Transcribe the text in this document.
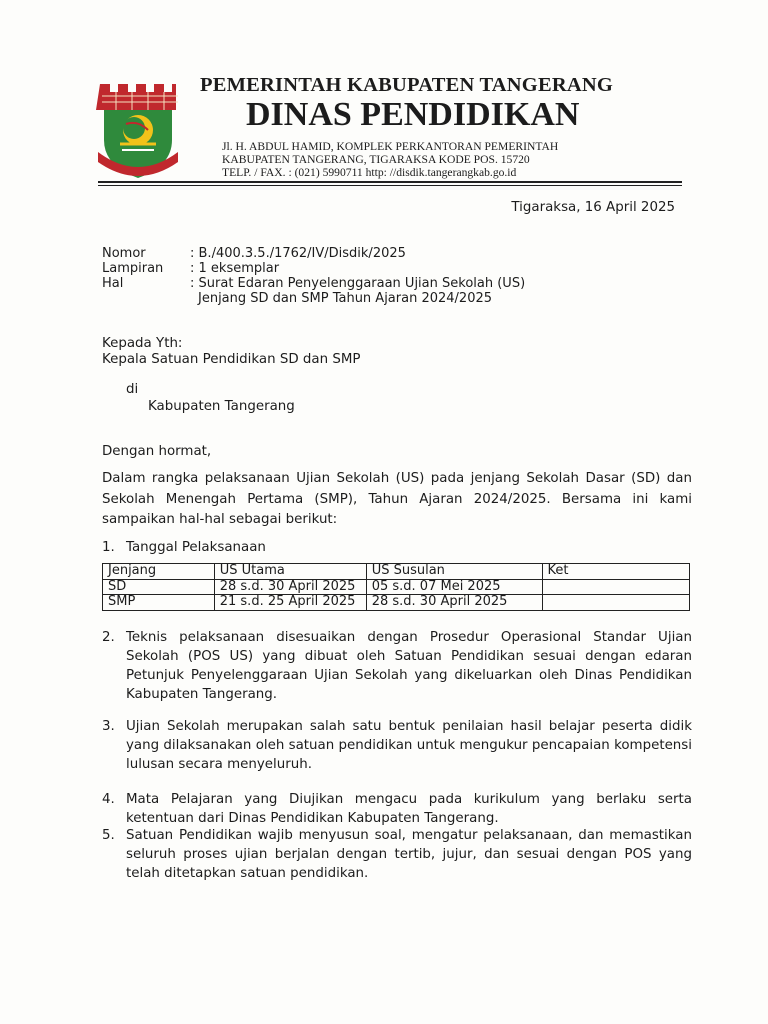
PEMERINTAH KABUPATEN TANGERANG
DINAS PENDIDIKAN
Jl. H. ABDUL HAMID, KOMPLEK PERKANTORAN PEMERINTAH
KABUPATEN TANGERANG, TIGARAKSA KODE POS. 15720
TELP. / FAX. : (021) 5990711 http: //disdik.tangerangkab.go.id
Tigaraksa, 16 April 2025
Nomor	: B./400.3.5./1762/IV/Disdik/2025
Lampiran : 1 eksemplar
Hal	: Surat Edaran Penyelenggaraan Ujian Sekolah (US)
Jenjang SD dan SMP Tahun Ajaran 2024/2025
Kepada Yth:
Kepala Satuan Pendidikan SD dan SMP
di
Kabupaten Tangerang
Dengan hormat,
Dalam rangka pelaksanaan Ujian Sekolah (US) pada jenjang Sekolah Dasar (SD) dan Sekolah Menengah Pertama (SMP), Tahun Ajaran 2024/2025. Bersama ini kami sampaikan hal-hal sebagai berikut:
1. Tanggal Pelaksanaan
Jenjang	US Utama	US Susulan	Ket
SD	28 s.d. 30 April 2025	05 s.d. 07 Mei 2025	
SMP	21 s.d. 25 April 2025	28 s.d. 30 April 2025	
2. Teknis pelaksanaan disesuaikan dengan Prosedur Operasional Standar Ujian Sekolah (POS US) yang dibuat oleh Satuan Pendidikan sesuai dengan edaran Petunjuk Penyelenggaraan Ujian Sekolah yang dikeluarkan oleh Dinas Pendidikan Kabupaten Tangerang.
3. Ujian Sekolah merupakan salah satu bentuk penilaian hasil belajar peserta didik yang dilaksanakan oleh satuan pendidikan untuk mengukur pencapaian kompetensi lulusan secara menyeluruh.
4. Mata Pelajaran yang Diujikan mengacu pada kurikulum yang berlaku serta ketentuan dari Dinas Pendidikan Kabupaten Tangerang.
5. Satuan Pendidikan wajib menyusun soal, mengatur pelaksanaan, dan memastikan seluruh proses ujian berjalan dengan tertib, jujur, dan sesuai dengan POS yang telah ditetapkan satuan pendidikan.
